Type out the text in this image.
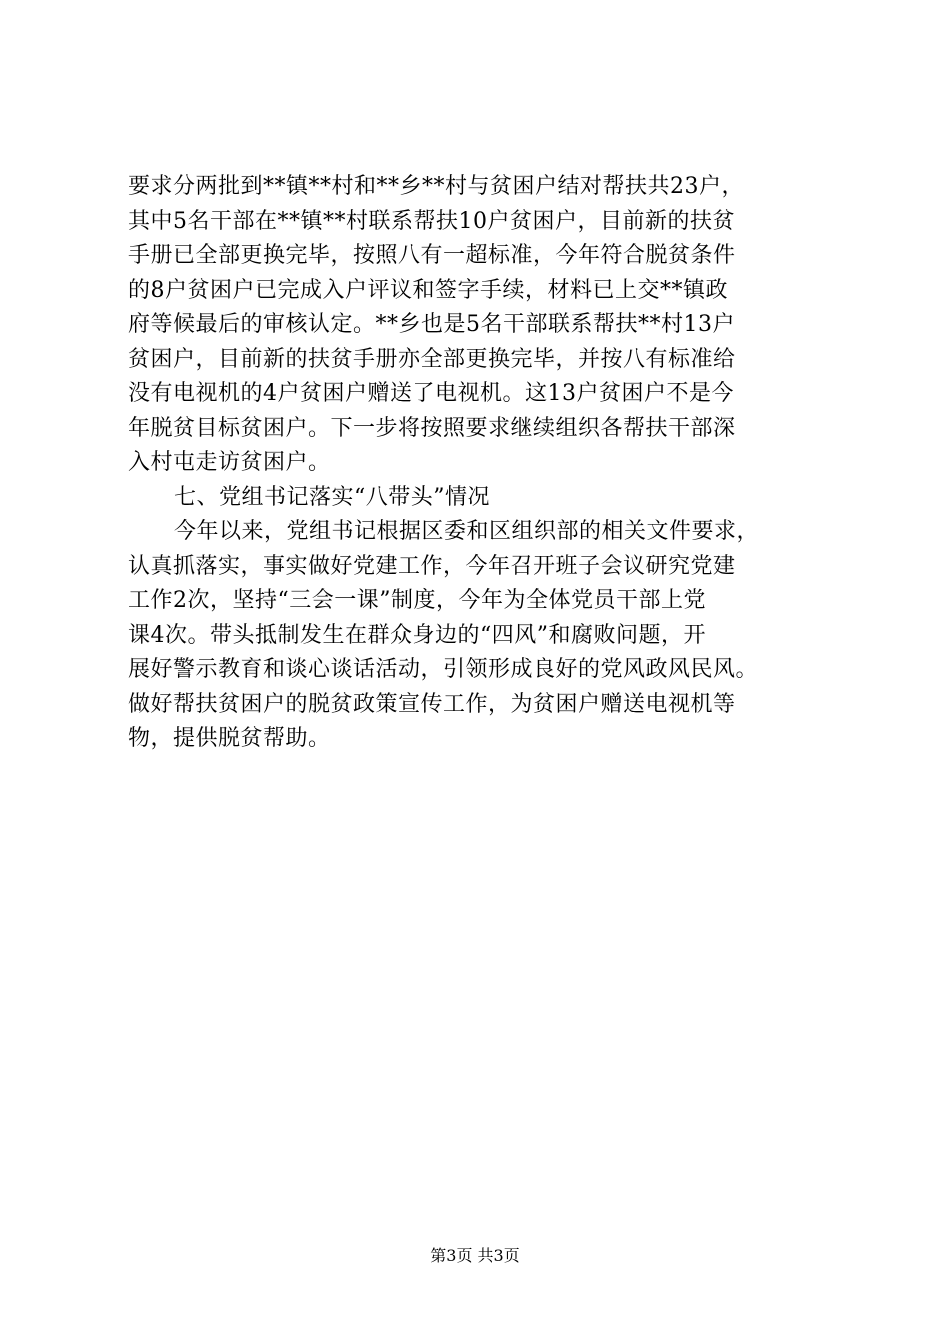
要求分两批到**镇**村和**乡**村与贫困户结对帮扶共23户，
其中5名干部在**镇**村联系帮扶10户贫困户，目前新的扶贫
手册已全部更换完毕，按照八有一超标准，今年符合脱贫条件
的8户贫困户已完成入户评议和签字手续，材料已上交**镇政
府等候最后的审核认定。**乡也是5名干部联系帮扶**村13户
贫困户，目前新的扶贫手册亦全部更换完毕，并按八有标准给
没有电视机的4户贫困户赠送了电视机。这13户贫困户不是今
年脱贫目标贫困户。下一步将按照要求继续组织各帮扶干部深
入村屯走访贫困户。
七、党组书记落实“八带头”情况
今年以来，党组书记根据区委和区组织部的相关文件要求，
认真抓落实，事实做好党建工作，今年召开班子会议研究党建
工作2次，坚持“三会一课”制度，今年为全体党员干部上党
课4次。带头抵制发生在群众身边的“四风”和腐败问题，开
展好警示教育和谈心谈话活动，引领形成良好的党风政风民风。
做好帮扶贫困户的脱贫政策宣传工作，为贫困户赠送电视机等
物，提供脱贫帮助。
第3页 共3页
